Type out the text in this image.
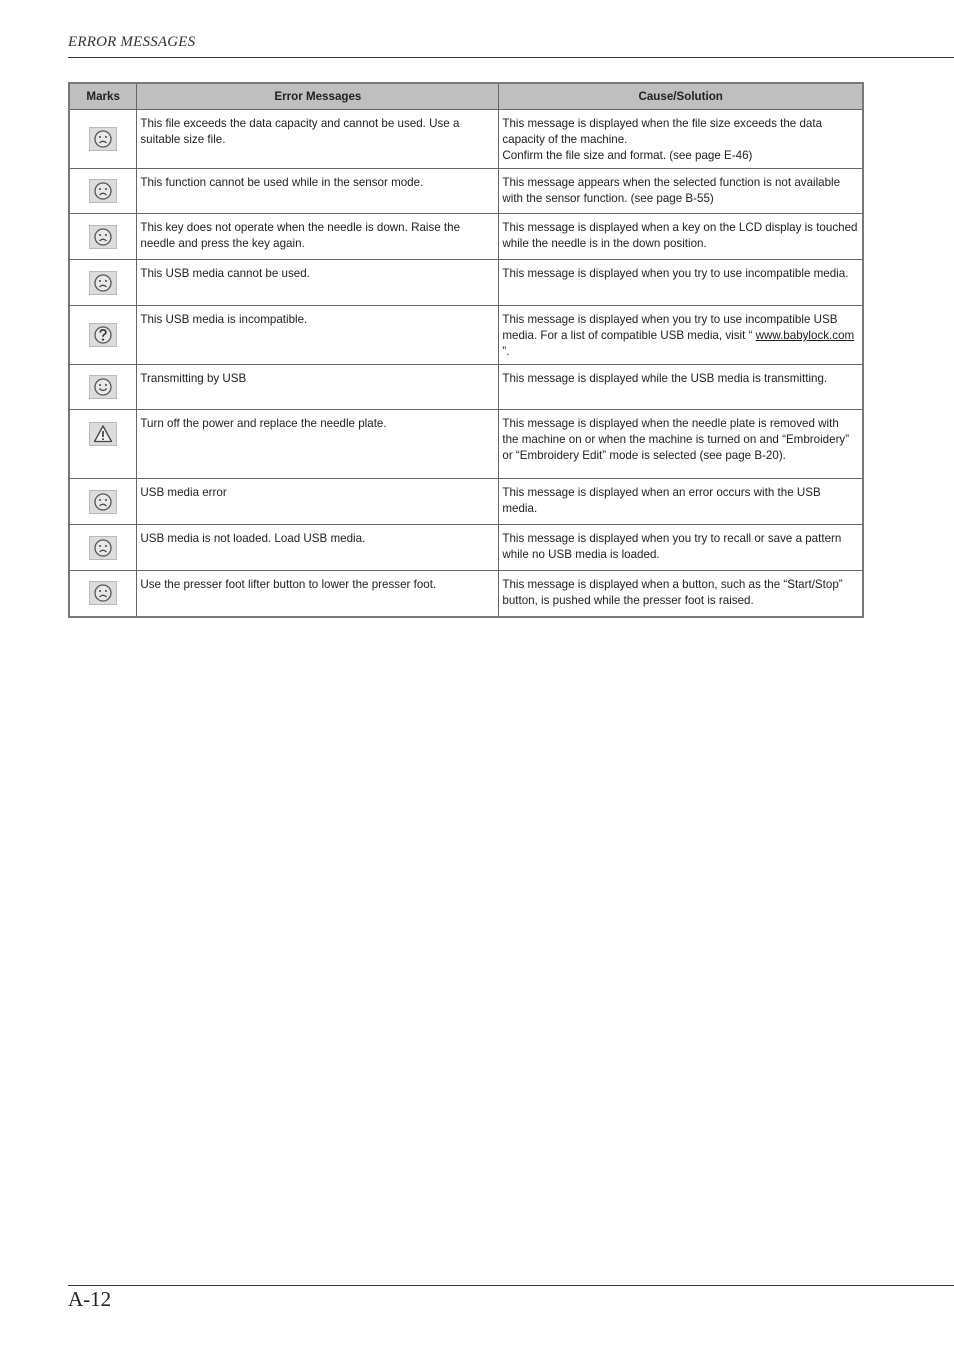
ERROR MESSAGES
Marks	Error Messages	Cause/Solution

	This file exceeds the data capacity and cannot be used. Use a suitable size file.	This message is displayed when the file size exceeds the data capacity of the machine.
Confirm the file size and format. (see page E-46)

	This function cannot be used while in the sensor mode.	This message appears when the selected function is not available with the sensor function. (see page B-55)

	This key does not operate when the needle is down. Raise the needle and press the key again.	This message is displayed when a key on the LCD display is touched while the needle is in the down position.

	This USB media cannot be used.	This message is displayed when you try to use incompatible media.

	This USB media is incompatible.	This message is displayed when you try to use incompatible USB media. For a list of compatible USB media, visit “ www.babylock.com ”.

	Transmitting by USB	This message is displayed while the USB media is transmitting.

	Turn off the power and replace the needle plate.	This message is displayed when the needle plate is removed with the machine on or when the machine is turned on and “Embroidery” or “Embroidery Edit” mode is selected (see page B-20).

	USB media error	This message is displayed when an error occurs with the USB media.

	USB media is not loaded. Load USB media.	This message is displayed when you try to recall or save a pattern while no USB media is loaded.

	Use the presser foot lifter button to lower the presser foot.	This message is displayed when a button, such as the “Start/Stop” button, is pushed while the presser foot is raised.
A-12
